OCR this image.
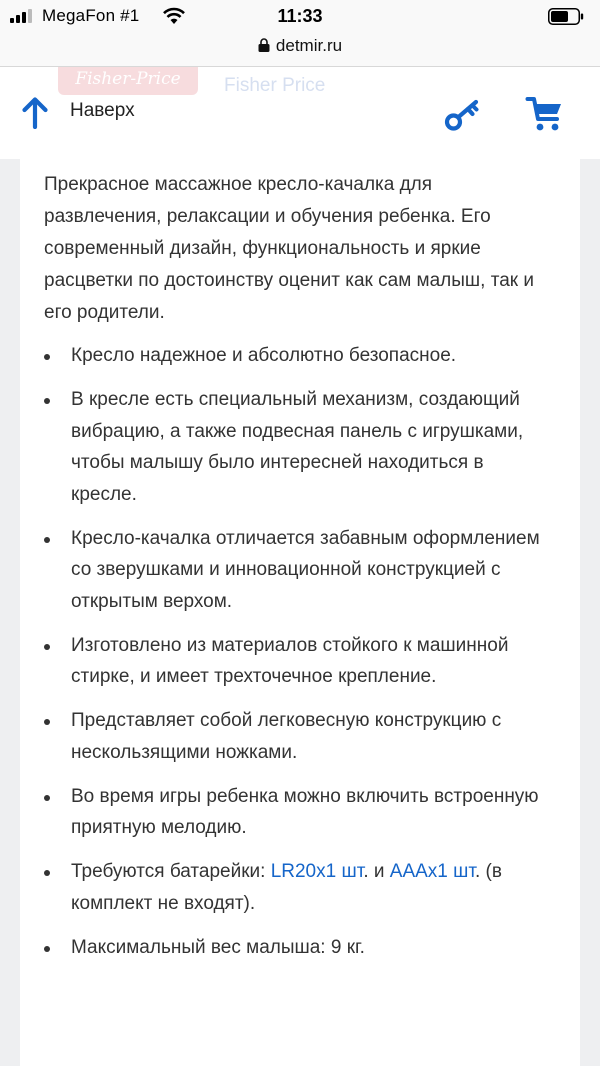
MegaFon #1	11:33
detmir.ru
Fisher-Price	Fisher Price
Наверх

Прекрасное массажное кресло-качалка для развлечения, релаксации и обучения ребенка. Его современный дизайн, функциональность и яркие расцветки по достоинству оценит как сам малыш, так и его родители.

Кресло надежное и абсолютно безопасное.
В кресле есть специальный механизм, создающий вибрацию, а также подвесная панель с игрушками, чтобы малышу было интересней находиться в кресле.
Кресло-качалка отличается забавным оформлением со зверушками и инновационной конструкцией с открытым верхом.
Изготовлено из материалов стойкого к машинной стирке, и имеет трехточечное крепление.
Представляет собой легковесную конструкцию с нескользящими ножками.
Во время игры ребенка можно включить встроенную приятную мелодию.
Требуются батарейки: LR20x1 шт. и AAAx1 шт. (в комплект не входят).
Максимальный вес малыша: 9 кг.
